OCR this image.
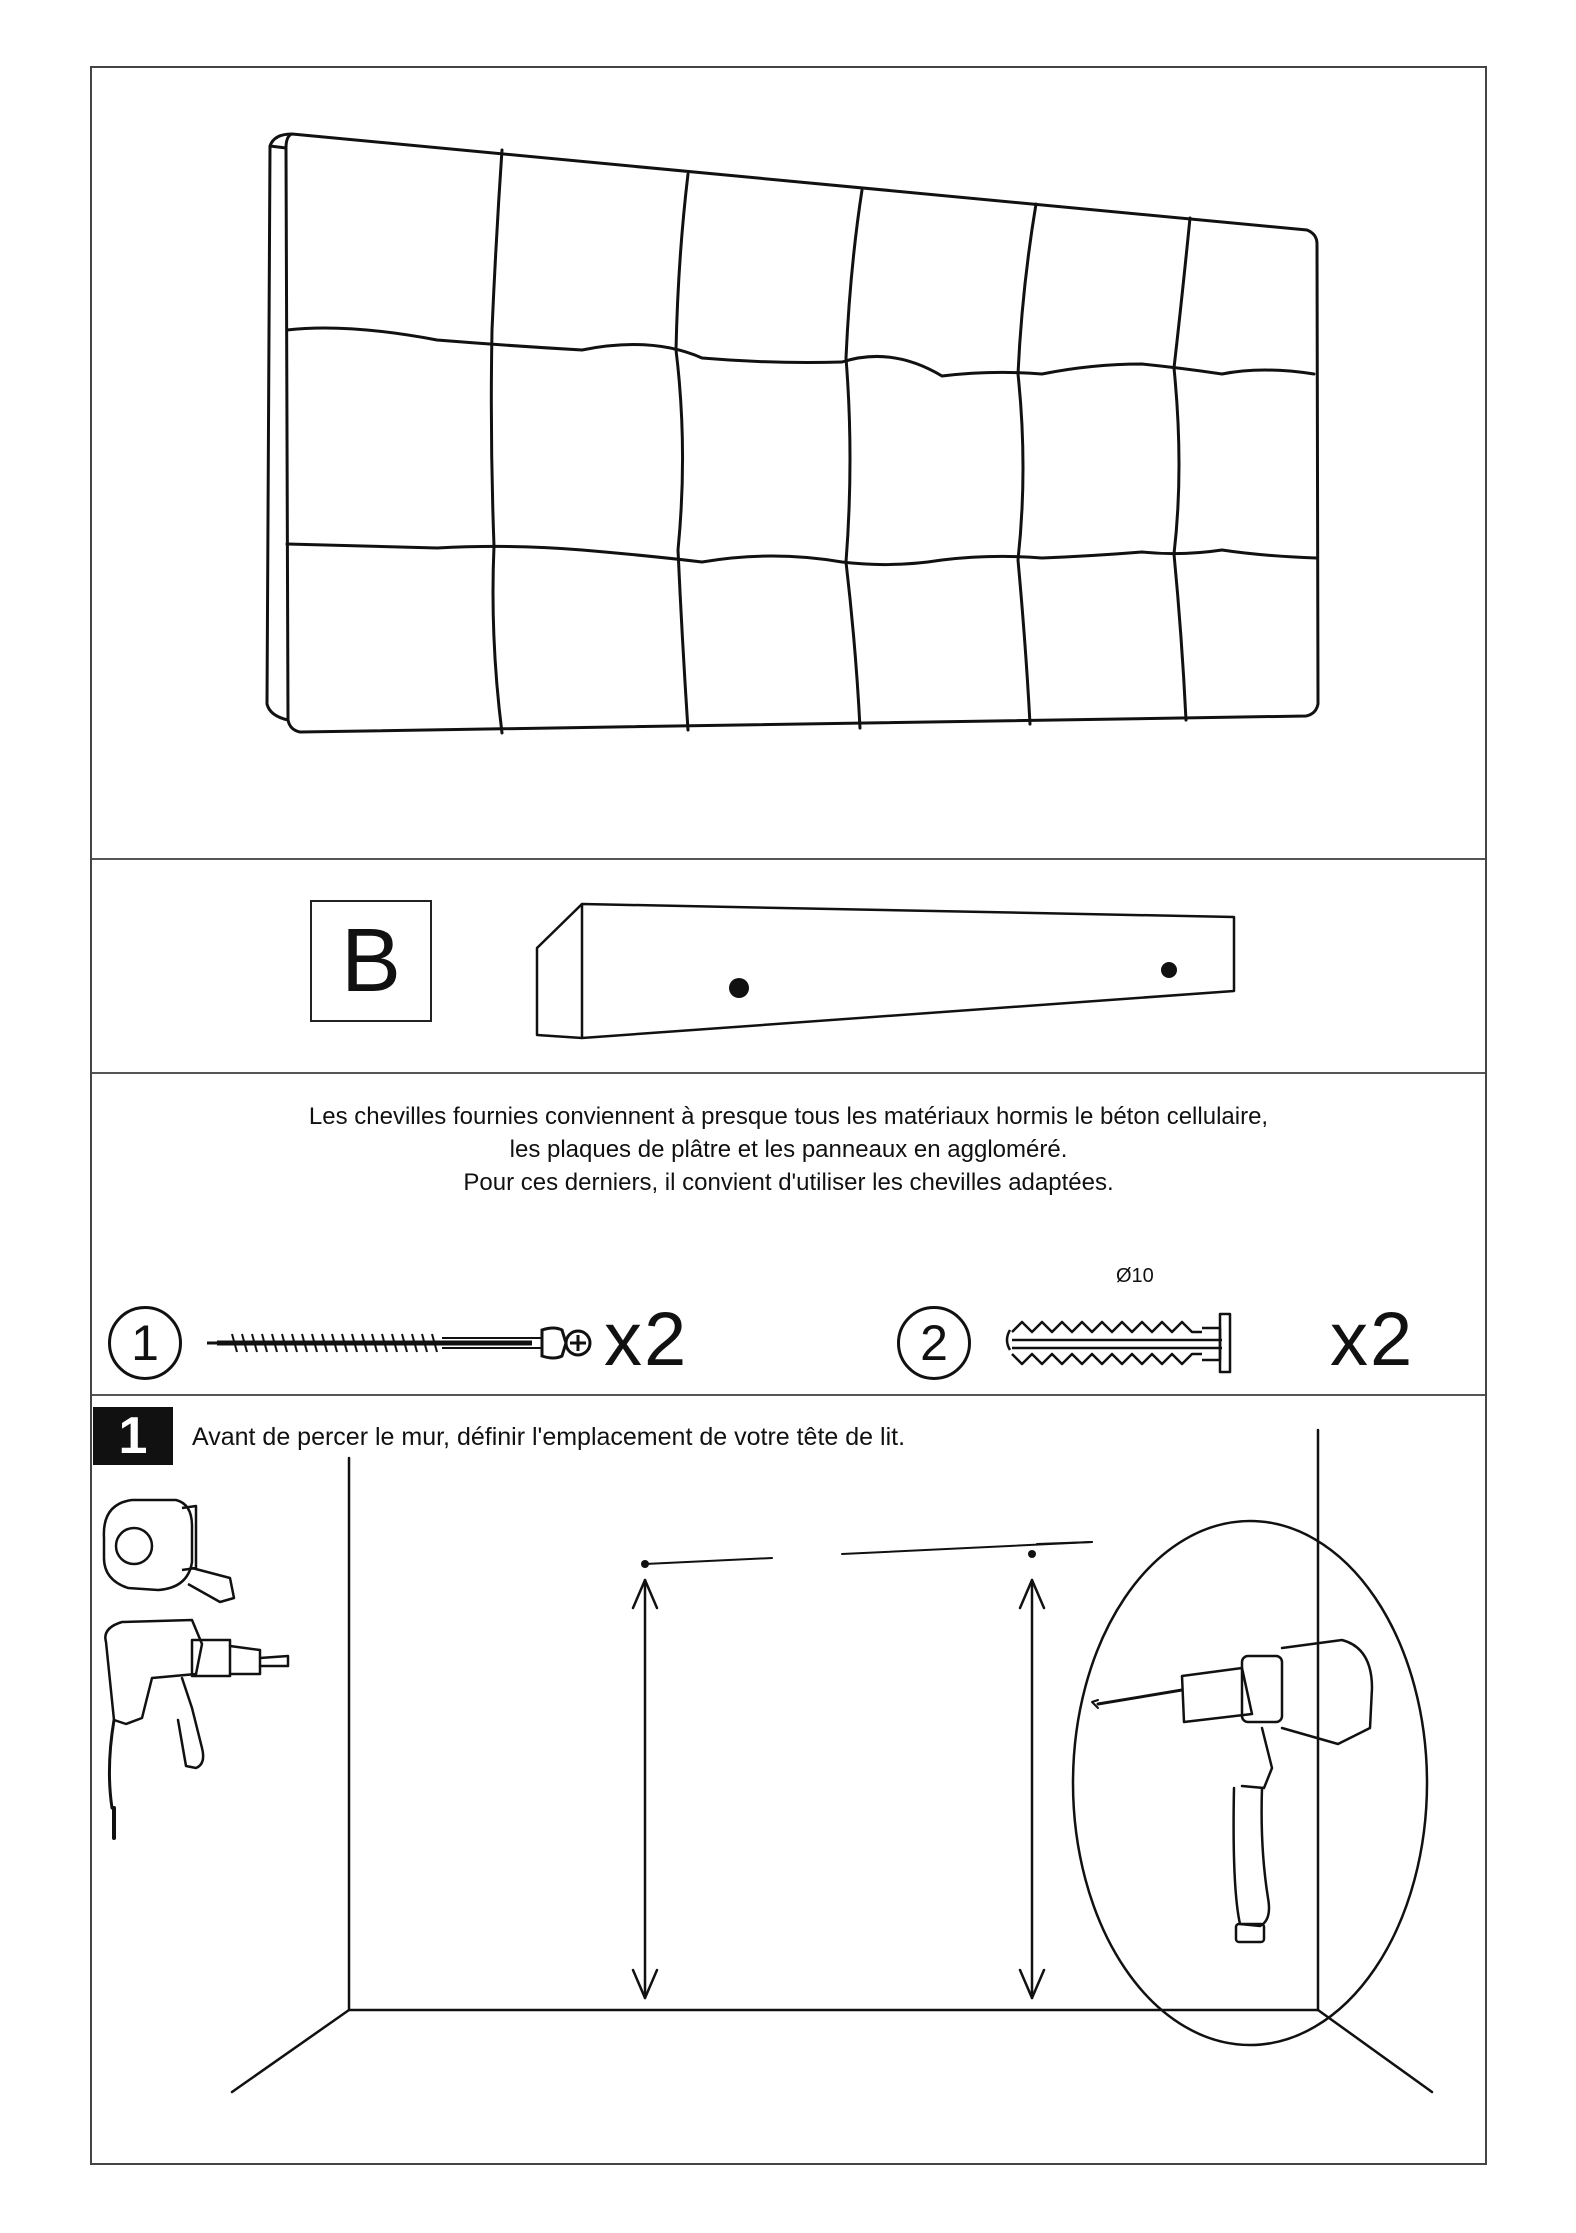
B
Les chevilles fournies conviennent à presque tous les matériaux hormis le béton cellulaire,
les plaques de plâtre et les panneaux en aggloméré.
Pour ces derniers, il convient d'utiliser les chevilles adaptées.
1	x2	2
Ø10
x2
1	Avant de percer le mur, définir l'emplacement de votre tête de lit.
